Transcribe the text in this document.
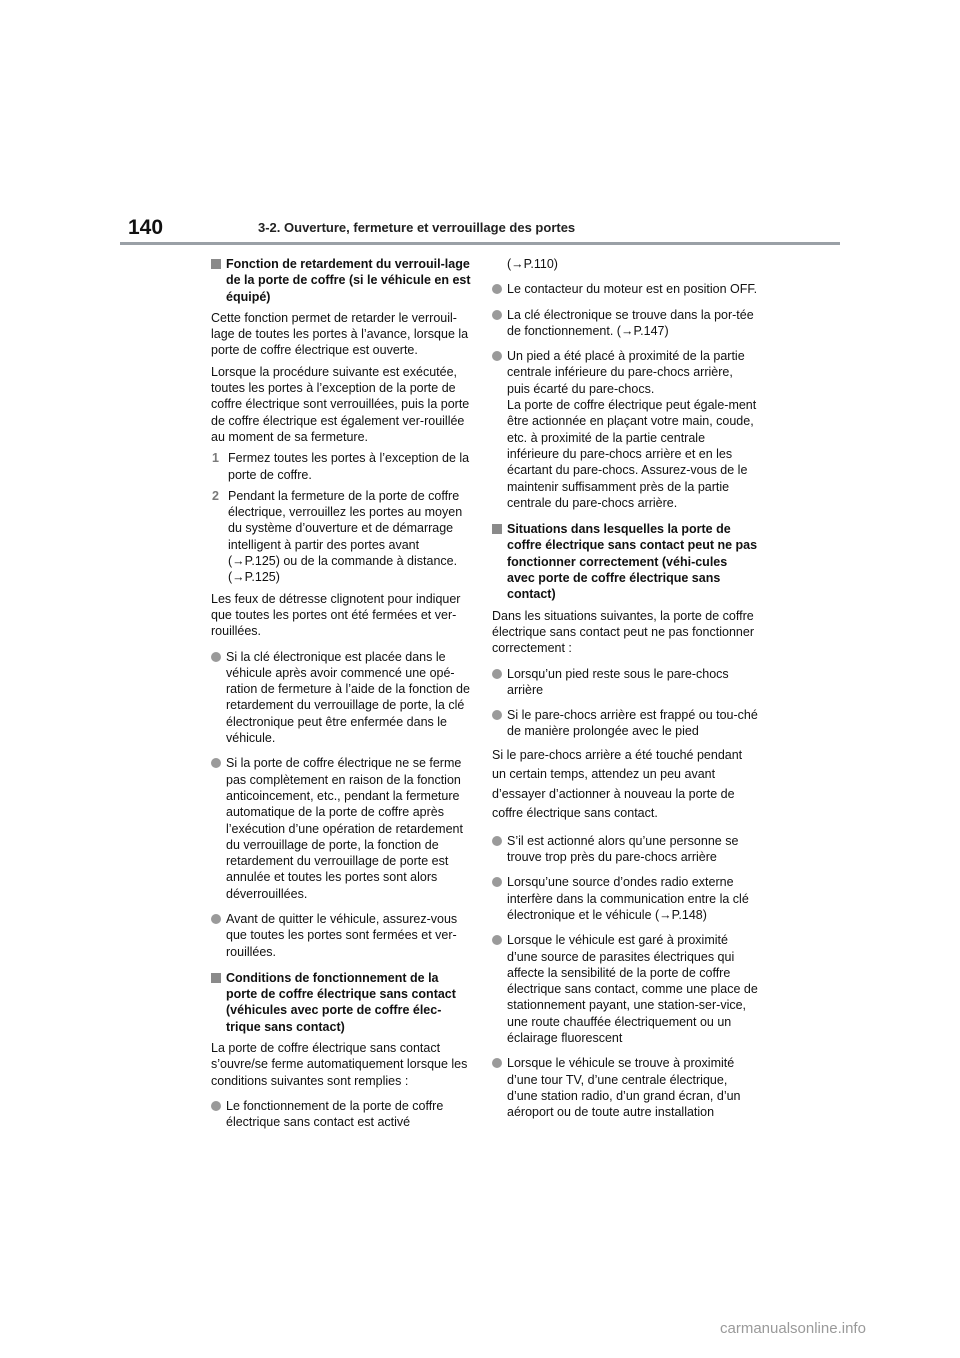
140	3-2. Ouverture, fermeture et verrouillage des portes
Fonction de retardement du verrouil-lage de la porte de coffre (si le véhicule en est équipé)

Cette fonction permet de retarder le verrouil-lage de toutes les portes à l’avance, lorsque la porte de coffre électrique est ouverte.

Lorsque la procédure suivante est exécutée, toutes les portes à l’exception de la porte de coffre électrique sont verrouillées, puis la porte de coffre électrique est également ver-rouillée au moment de sa fermeture.

1 Fermez toutes les portes à l’exception de la porte de coffre.
2 Pendant la fermeture de la porte de coffre électrique, verrouillez les portes au moyen du système d’ouverture et de démarrage intelligent à partir des portes avant (→P.125) ou de la commande à distance. (→P.125)

Les feux de détresse clignotent pour indiquer que toutes les portes ont été fermées et ver-rouillées.

Si la clé électronique est placée dans le véhicule après avoir commencé une opé-ration de fermeture à l’aide de la fonction de retardement du verrouillage de porte, la clé électronique peut être enfermée dans le véhicule.
Si la porte de coffre électrique ne se ferme pas complètement en raison de la fonction anticoincement, etc., pendant la fermeture automatique de la porte de coffre après l’exécution d’une opération de retardement du verrouillage de porte, la fonction de retardement du verrouillage de porte est annulée et toutes les portes sont alors déverrouillées.
Avant de quitter le véhicule, assurez-vous que toutes les portes sont fermées et ver-rouillées.
Conditions de fonctionnement de la porte de coffre électrique sans contact (véhicules avec porte de coffre élec-trique sans contact)

La porte de coffre électrique sans contact s’ouvre/se ferme automatiquement lorsque les conditions suivantes sont remplies :

Le fonctionnement de la porte de coffre électrique sans contact est activé
(→P.110)
Le contacteur du moteur est en position OFF.
La clé électronique se trouve dans la por-tée de fonctionnement. (→P.147)
Un pied a été placé à proximité de la partie centrale inférieure du pare-chocs arrière, puis écarté du pare-chocs.
La porte de coffre électrique peut égale-ment être actionnée en plaçant votre main, coude, etc. à proximité de la partie centrale inférieure du pare-chocs arrière et en les écartant du pare-chocs. Assurez-vous de le maintenir suffisamment près de la partie centrale du pare-chocs arrière.
Situations dans lesquelles la porte de coffre électrique sans contact peut ne pas fonctionner correctement (véhi-cules avec porte de coffre électrique sans contact)

Dans les situations suivantes, la porte de coffre électrique sans contact peut ne pas fonctionner correctement :

Lorsqu’un pied reste sous le pare-chocs arrière
Si le pare-chocs arrière est frappé ou tou-ché de manière prolongée avec le pied

Si le pare-chocs arrière a été touché pendant un certain temps, attendez un peu avant d’essayer d’actionner à nouveau la porte de coffre électrique sans contact.

S’il est actionné alors qu’une personne se trouve trop près du pare-chocs arrière
Lorsqu’une source d’ondes radio externe interfère dans la communication entre la clé électronique et le véhicule (→P.148)
Lorsque le véhicule est garé à proximité d’une source de parasites électriques qui affecte la sensibilité de la porte de coffre électrique sans contact, comme une place de stationnement payant, une station-ser-vice, une route chauffée électriquement ou un éclairage fluorescent
Lorsque le véhicule se trouve à proximité d’une tour TV, d’une centrale électrique, d’une station radio, d’un grand écran, d’un aéroport ou de toute autre installation
carmanualsonline.info
